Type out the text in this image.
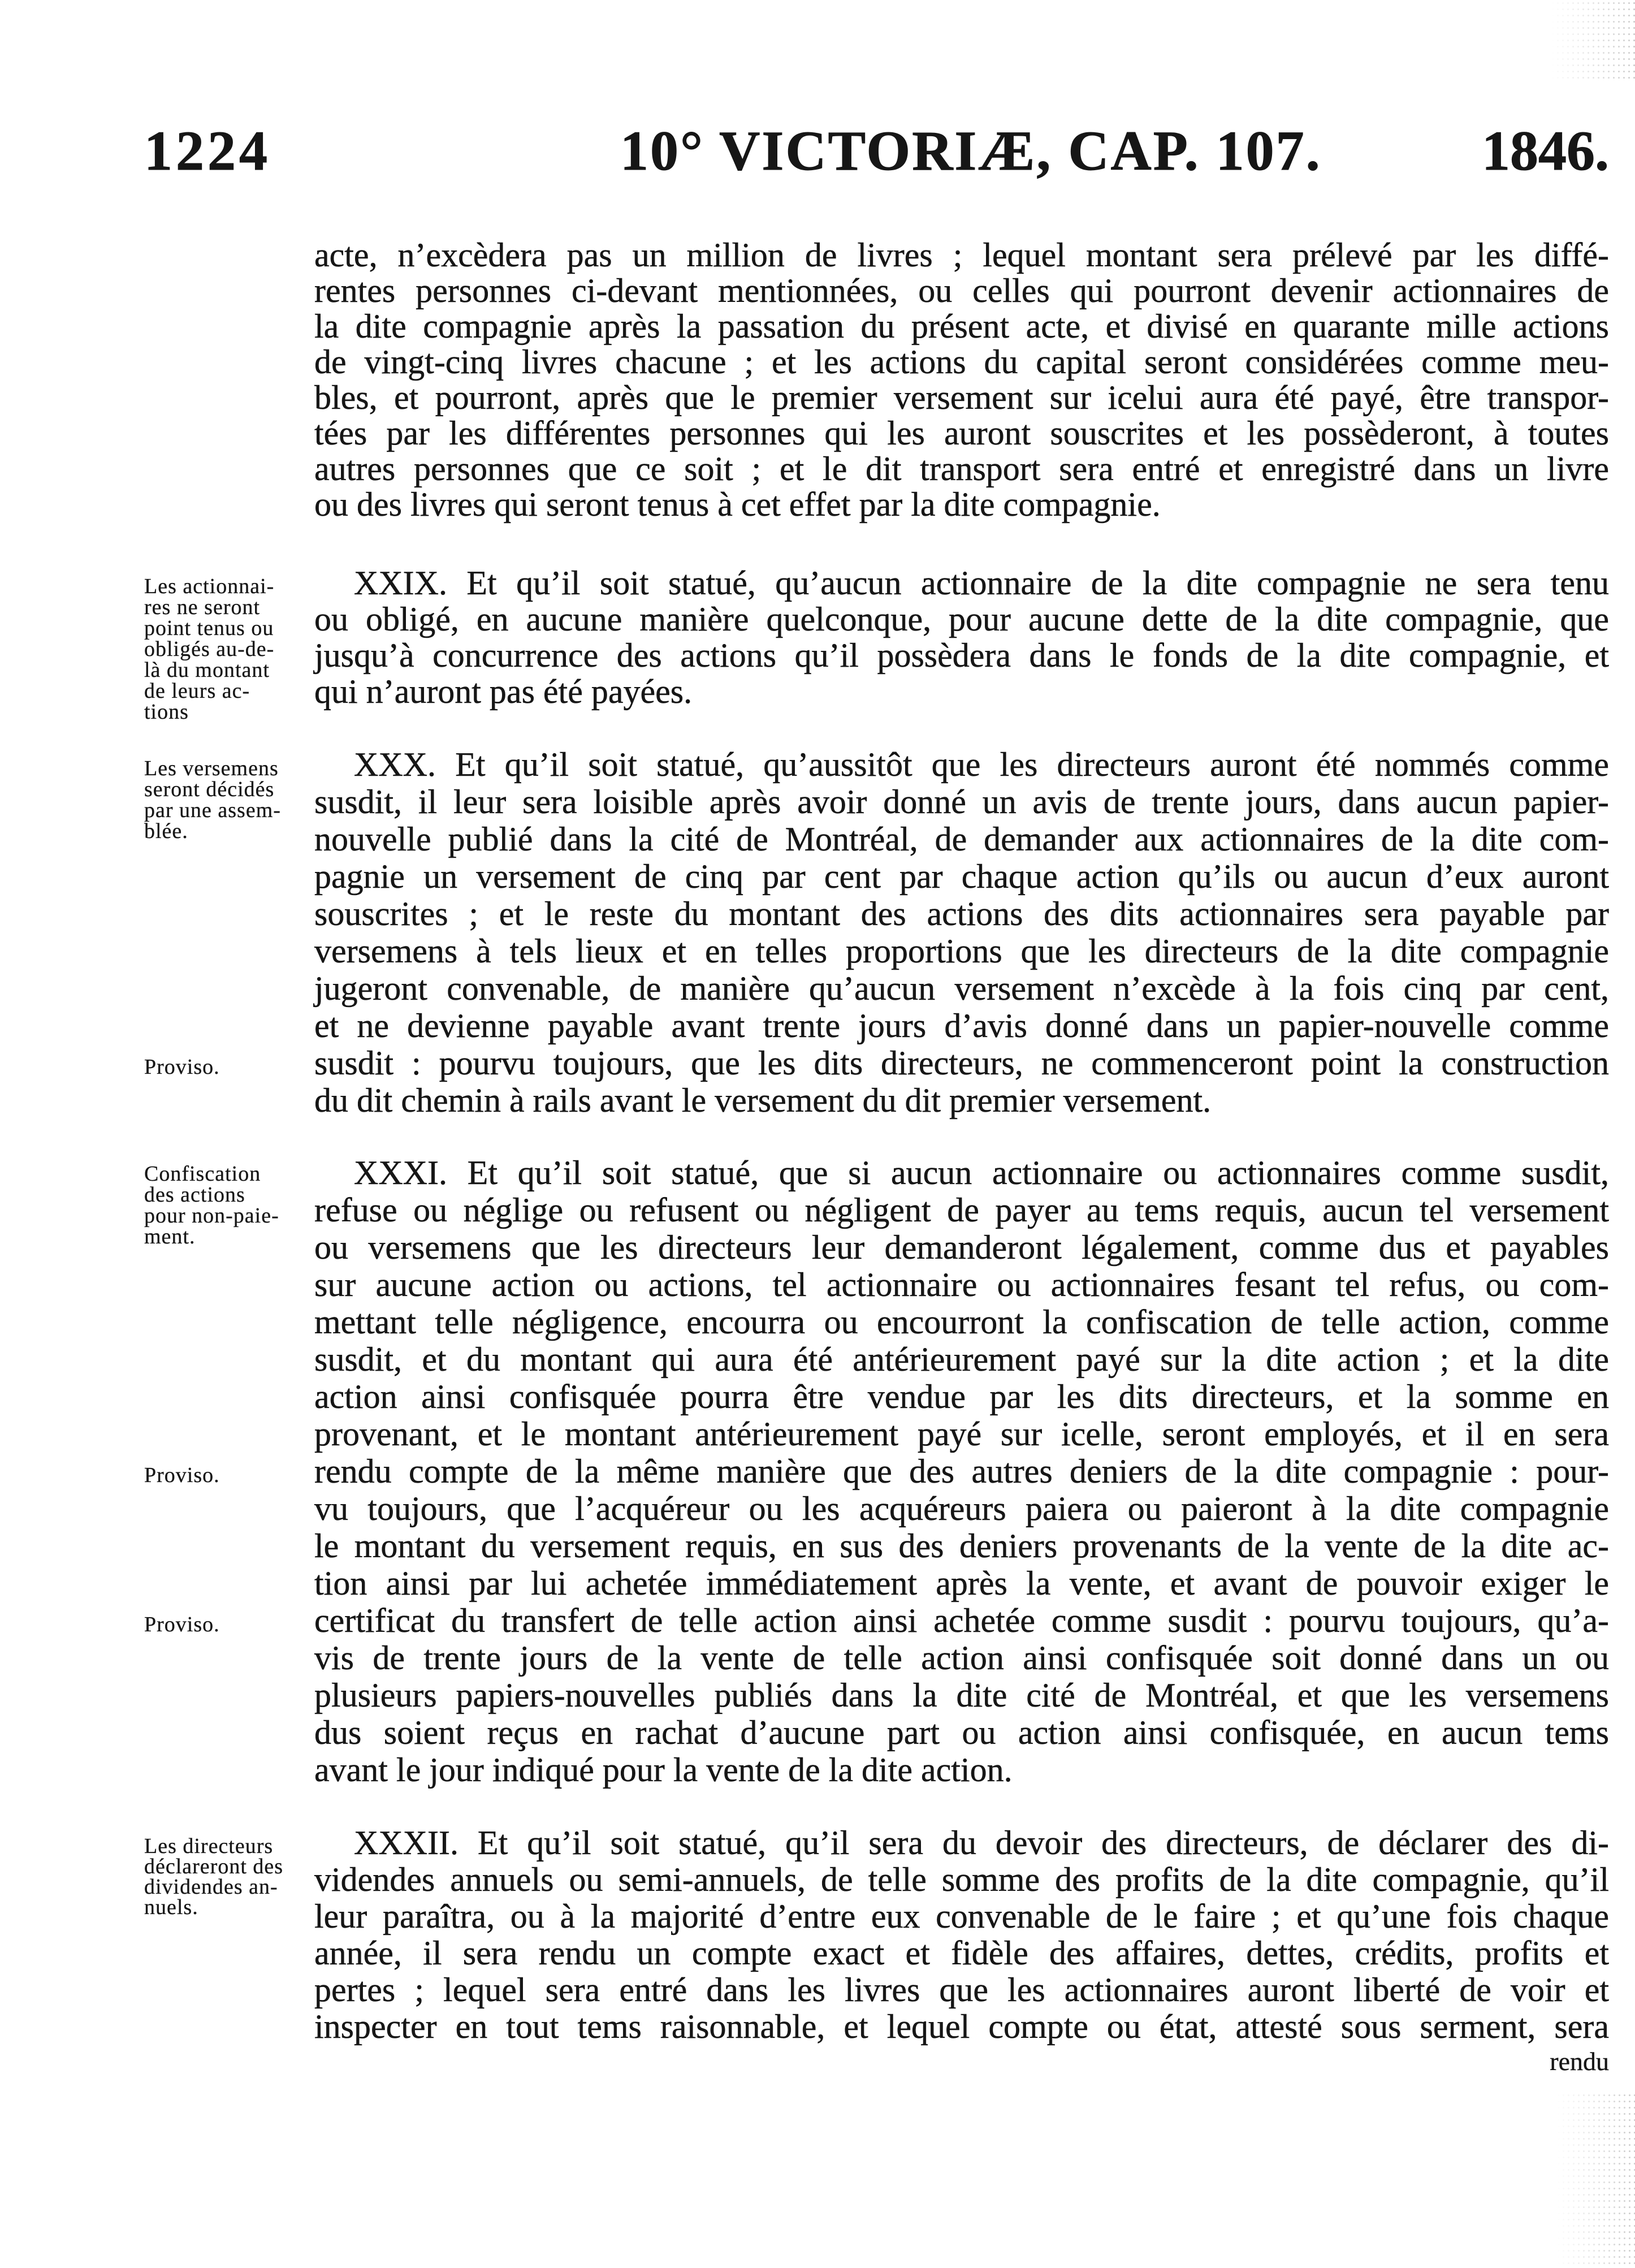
1224	10° VICTORIÆ, CAP. 107.	1846.
acte, n’excèdera pas un million de livres ; lequel montant sera prélevé par les diffé-
rentes personnes ci-devant mentionnées, ou celles qui pourront devenir actionnaires de
la dite compagnie après la passation du présent acte, et divisé en quarante mille actions
de vingt-cinq livres chacune ; et les actions du capital seront considérées comme meu-
bles, et pourront, après que le premier versement sur icelui aura été payé, être transpor-
tées par les différentes personnes qui les auront souscrites et les possèderont, à toutes
autres personnes que ce soit ; et le dit transport sera entré et enregistré dans un livre
ou des livres qui seront tenus à cet effet par la dite compagnie.
Les actionnai-
res ne seront
point tenus ou
obligés au-de-
là du montant
de leurs ac-
tions
XXIX. Et qu’il soit statué, qu’aucun actionnaire de la dite compagnie ne sera tenu
ou obligé, en aucune manière quelconque, pour aucune dette de la dite compagnie, que
jusqu’à concurrence des actions qu’il possèdera dans le fonds de la dite compagnie, et
qui n’auront pas été payées.
Les versemens
seront décidés
par une assem-
blée.
Proviso.
XXX. Et qu’il soit statué, qu’aussitôt que les directeurs auront été nommés comme
susdit, il leur sera loisible après avoir donné un avis de trente jours, dans aucun papier-
nouvelle publié dans la cité de Montréal, de demander aux actionnaires de la dite com-
pagnie un versement de cinq par cent par chaque action qu’ils ou aucun d’eux auront
souscrites ; et le reste du montant des actions des dits actionnaires sera payable par
versemens à tels lieux et en telles proportions que les directeurs de la dite compagnie
jugeront convenable, de manière qu’aucun versement n’excède à la fois cinq par cent,
et ne devienne payable avant trente jours d’avis donné dans un papier-nouvelle comme
susdit : pourvu toujours, que les dits directeurs, ne commenceront point la construction
du dit chemin à rails avant le versement du dit premier versement.
Confiscation
des actions
pour non-paie-
ment.
Proviso.
Proviso.
XXXI. Et qu’il soit statué, que si aucun actionnaire ou actionnaires comme susdit,
refuse ou néglige ou refusent ou négligent de payer au tems requis, aucun tel versement
ou versemens que les directeurs leur demanderont légalement, comme dus et payables
sur aucune action ou actions, tel actionnaire ou actionnaires fesant tel refus, ou com-
mettant telle négligence, encourra ou encourront la confiscation de telle action, comme
susdit, et du montant qui aura été antérieurement payé sur la dite action ; et la dite
action ainsi confisquée pourra être vendue par les dits directeurs, et la somme en
provenant, et le montant antérieurement payé sur icelle, seront employés, et il en sera
rendu compte de la même manière que des autres deniers de la dite compagnie : pour-
vu toujours, que l’acquéreur ou les acquéreurs paiera ou paieront à la dite compagnie
le montant du versement requis, en sus des deniers provenants de la vente de la dite ac-
tion ainsi par lui achetée immédiatement après la vente, et avant de pouvoir exiger le
certificat du transfert de telle action ainsi achetée comme susdit : pourvu toujours, qu’a-
vis de trente jours de la vente de telle action ainsi confisquée soit donné dans un ou
plusieurs papiers-nouvelles publiés dans la dite cité de Montréal, et que les versemens
dus soient reçus en rachat d’aucune part ou action ainsi confisquée, en aucun tems
avant le jour indiqué pour la vente de la dite action.
Les directeurs
déclareront des
dividendes an-
nuels.
XXXII. Et qu’il soit statué, qu’il sera du devoir des directeurs, de déclarer des di-
videndes annuels ou semi-annuels, de telle somme des profits de la dite compagnie, qu’il
leur paraîtra, ou à la majorité d’entre eux convenable de le faire ; et qu’une fois chaque
année, il sera rendu un compte exact et fidèle des affaires, dettes, crédits, profits et
pertes ; lequel sera entré dans les livres que les actionnaires auront liberté de voir et
inspecter en tout tems raisonnable, et lequel compte ou état, attesté sous serment, sera
rendu
